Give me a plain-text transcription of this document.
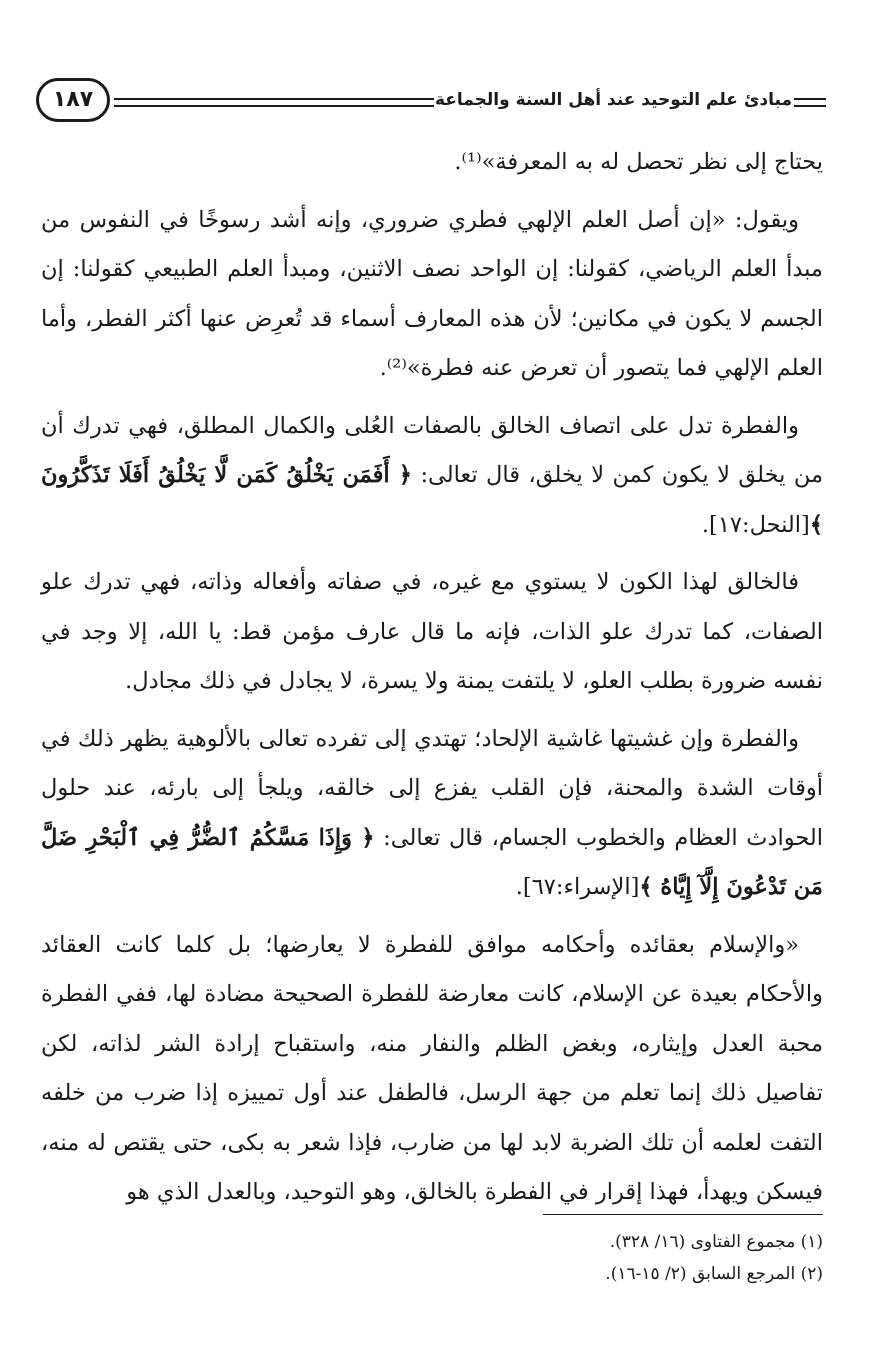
مبادئ علم التوحيد عند أهل السنة والجماعة
١٨٧

يحتاج إلى نظر تحصل له به المعرفة»⁽¹⁾.

ويقول: «إن أصل العلم الإلهي فطري ضروري، وإنه أشد رسوخًا في النفوس من مبدأ العلم الرياضي، كقولنا: إن الواحد نصف الاثنين، ومبدأ العلم الطبيعي كقولنا: إن الجسم لا يكون في مكانين؛ لأن هذه المعارف أسماء قد تُعرِض عنها أكثر الفطر، وأما العلم الإلهي فما يتصور أن تعرض عنه فطرة»⁽²⁾.

والفطرة تدل على اتصاف الخالق بالصفات العُلى والكمال المطلق، فهي تدرك أن من يخلق لا يكون كمن لا يخلق، قال تعالى: ﴿ أَفَمَن يَخْلُقُ كَمَن لَّا يَخْلُقُ أَفَلَا تَذَكَّرُونَ ﴾[النحل:١٧].

فالخالق لهذا الكون لا يستوي مع غيره، في صفاته وأفعاله وذاته، فهي تدرك علو الصفات، كما تدرك علو الذات، فإنه ما قال عارف مؤمن قط: يا الله، إلا وجد في نفسه ضرورة بطلب العلو، لا يلتفت يمنة ولا يسرة، لا يجادل في ذلك مجادل.

والفطرة وإن غشيتها غاشية الإلحاد؛ تهتدي إلى تفرده تعالى بالألوهية يظهر ذلك في أوقات الشدة والمحنة، فإن القلب يفزع إلى خالقه، ويلجأ إلى بارئه، عند حلول الحوادث العظام والخطوب الجسام، قال تعالى: ﴿ وَإِذَا مَسَّكُمُ ٱلضُّرُّ فِي ٱلْبَحْرِ ضَلَّ مَن تَدْعُونَ إِلَّآ إِيَّاهُ ﴾[الإسراء:٦٧].

«والإسلام بعقائده وأحكامه موافق للفطرة لا يعارضها؛ بل كلما كانت العقائد والأحكام بعيدة عن الإسلام، كانت معارضة للفطرة الصحيحة مضادة لها، ففي الفطرة محبة العدل وإيثاره، وبغض الظلم والنفار منه، واستقباح إرادة الشر لذاته، لكن تفاصيل ذلك إنما تعلم من جهة الرسل، فالطفل عند أول تمييزه إذا ضرب من خلفه التفت لعلمه أن تلك الضربة لابد لها من ضارب، فإذا شعر به بكى، حتى يقتص له منه، فيسكن ويهدأ، فهذا إقرار في الفطرة بالخالق، وهو التوحيد، وبالعدل الذي هو

(١) مجموع الفتاوى (١٦/ ٣٢٨).
(٢) المرجع السابق (٢/ ١٥-١٦).
